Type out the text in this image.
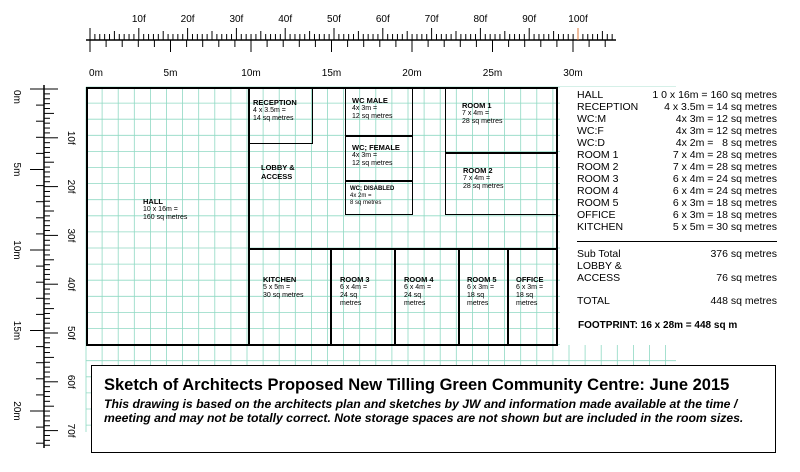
10f	20f	30f	40f	50f	60f	70f	80f	90f	100f
0m	5m	10m	15m	20m	25m	30m
0m
5m
10m
15m
20m
10f
20f
30f
40f
50f
60f
70f
HALL
10 x 16m =
160 sq metres
RECEPTION
4 x 3.5m =
14 sq metres
LOBBY &
ACCESS
WC MALE
4x 3m =
12 sq metres
WC; FEMALE
4x 3m =
12 sq metres
WC; DISABLED
4x 2m =
8 sq metres
ROOM 1
7 x 4m =
28 sq metres
ROOM 2
7 x 4m =
28 sq metres
KITCHEN
5 x 5m =
30 sq metres
ROOM 3
6 x 4m =
24 sq
metres
ROOM 4
6 x 4m =
24 sq
metres
ROOM 5
6 x 3m =
18 sq
metres
OFFICE
6 x 3m =
18 sq
metres
HALL	1 0 x 16m = 160 sq metres
RECEPTION 4 x 3.5m = 14 sq metres
WC:M	4x 3m = 12 sq metres
WC:F	4x 3m = 12 sq metres
WC:D	4x 2m =   8 sq metres
ROOM 1	7 x 4m = 28 sq metres
ROOM 2	7 x 4m = 28 sq metres
ROOM 3	6 x 4m = 24 sq metres
ROOM 4	6 x 4m = 24 sq metres
ROOM 5	6 x 3m = 18 sq metres
OFFICE	6 x 3m = 18 sq metres
KITCHEN	5 x 5m = 30 sq metres
Sub Total	376 sq metres
LOBBY &
ACCESS	76 sq metres
TOTAL	448 sq metres
FOOTPRINT: 16 x 28m = 448 sq m
Sketch of Architects Proposed New Tilling Green Community Centre: June 2015
This drawing is based on the architects plan and sketches by JW and information made available at the time / meeting and may not be totally correct. Note storage spaces are not shown but are included in the room sizes.
